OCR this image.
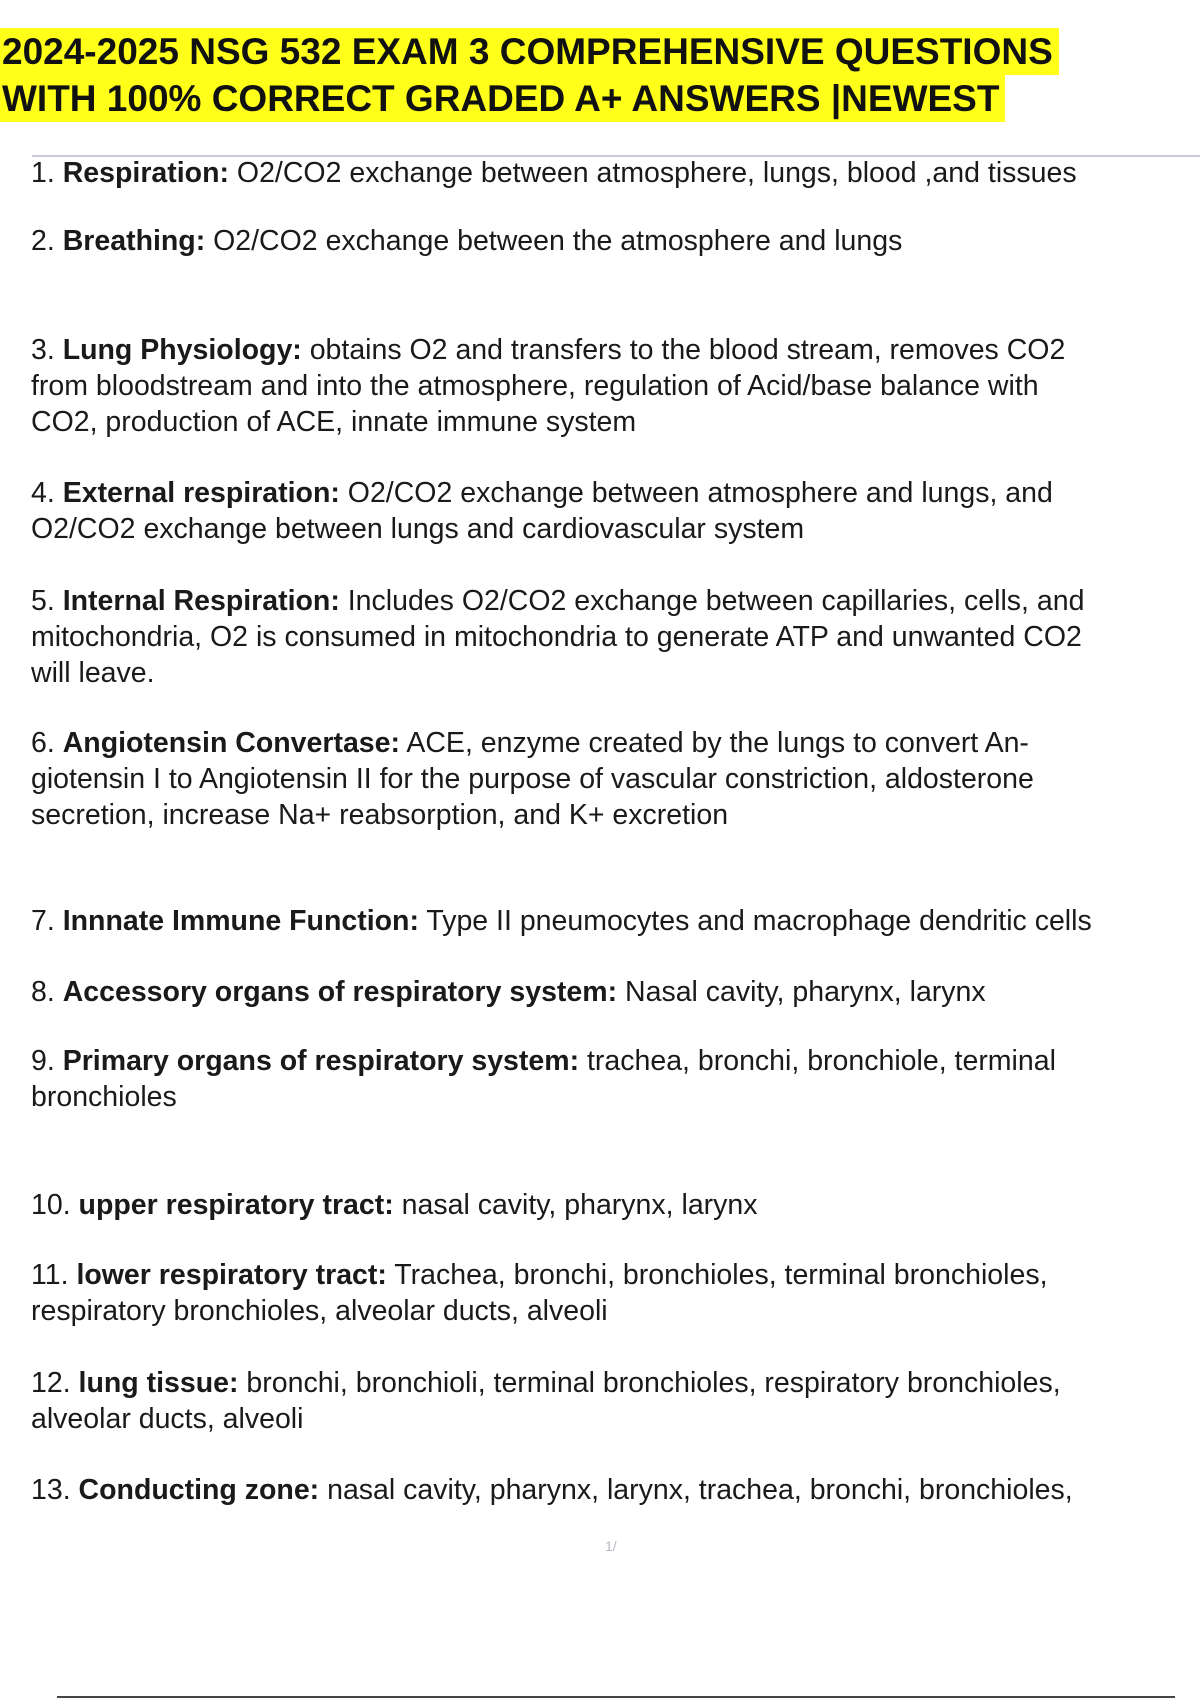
2024-2025 NSG 532 EXAM 3 COMPREHENSIVE QUESTIONS
WITH 100% CORRECT GRADED A+ ANSWERS |NEWEST
1. Respiration: O2/CO2 exchange between atmosphere, lungs, blood ,and tissues
2. Breathing: O2/CO2 exchange between the atmosphere and lungs
3. Lung Physiology: obtains O2 and transfers to the blood stream, removes CO2
from bloodstream and into the atmosphere, regulation of Acid/base balance with
CO2, production of ACE, innate immune system
4. External respiration: O2/CO2 exchange between atmosphere and lungs, and
O2/CO2 exchange between lungs and cardiovascular system
5. Internal Respiration: Includes O2/CO2 exchange between capillaries, cells, and
mitochondria, O2 is consumed in mitochondria to generate ATP and unwanted CO2
will leave.
6. Angiotensin Convertase: ACE, enzyme created by the lungs to convert An-
giotensin I to Angiotensin II for the purpose of vascular constriction, aldosterone
secretion, increase Na+ reabsorption, and K+ excretion
7. Innnate Immune Function: Type II pneumocytes and macrophage dendritic cells
8. Accessory organs of respiratory system: Nasal cavity, pharynx, larynx
9. Primary organs of respiratory system: trachea, bronchi, bronchiole, terminal
bronchioles
10. upper respiratory tract: nasal cavity, pharynx, larynx
11. lower respiratory tract: Trachea, bronchi, bronchioles, terminal bronchioles,
respiratory bronchioles, alveolar ducts, alveoli
12. lung tissue: bronchi, bronchioli, terminal bronchioles, respiratory bronchioles,
alveolar ducts, alveoli
13. Conducting zone: nasal cavity, pharynx, larynx, trachea, bronchi, bronchioles,
1/
